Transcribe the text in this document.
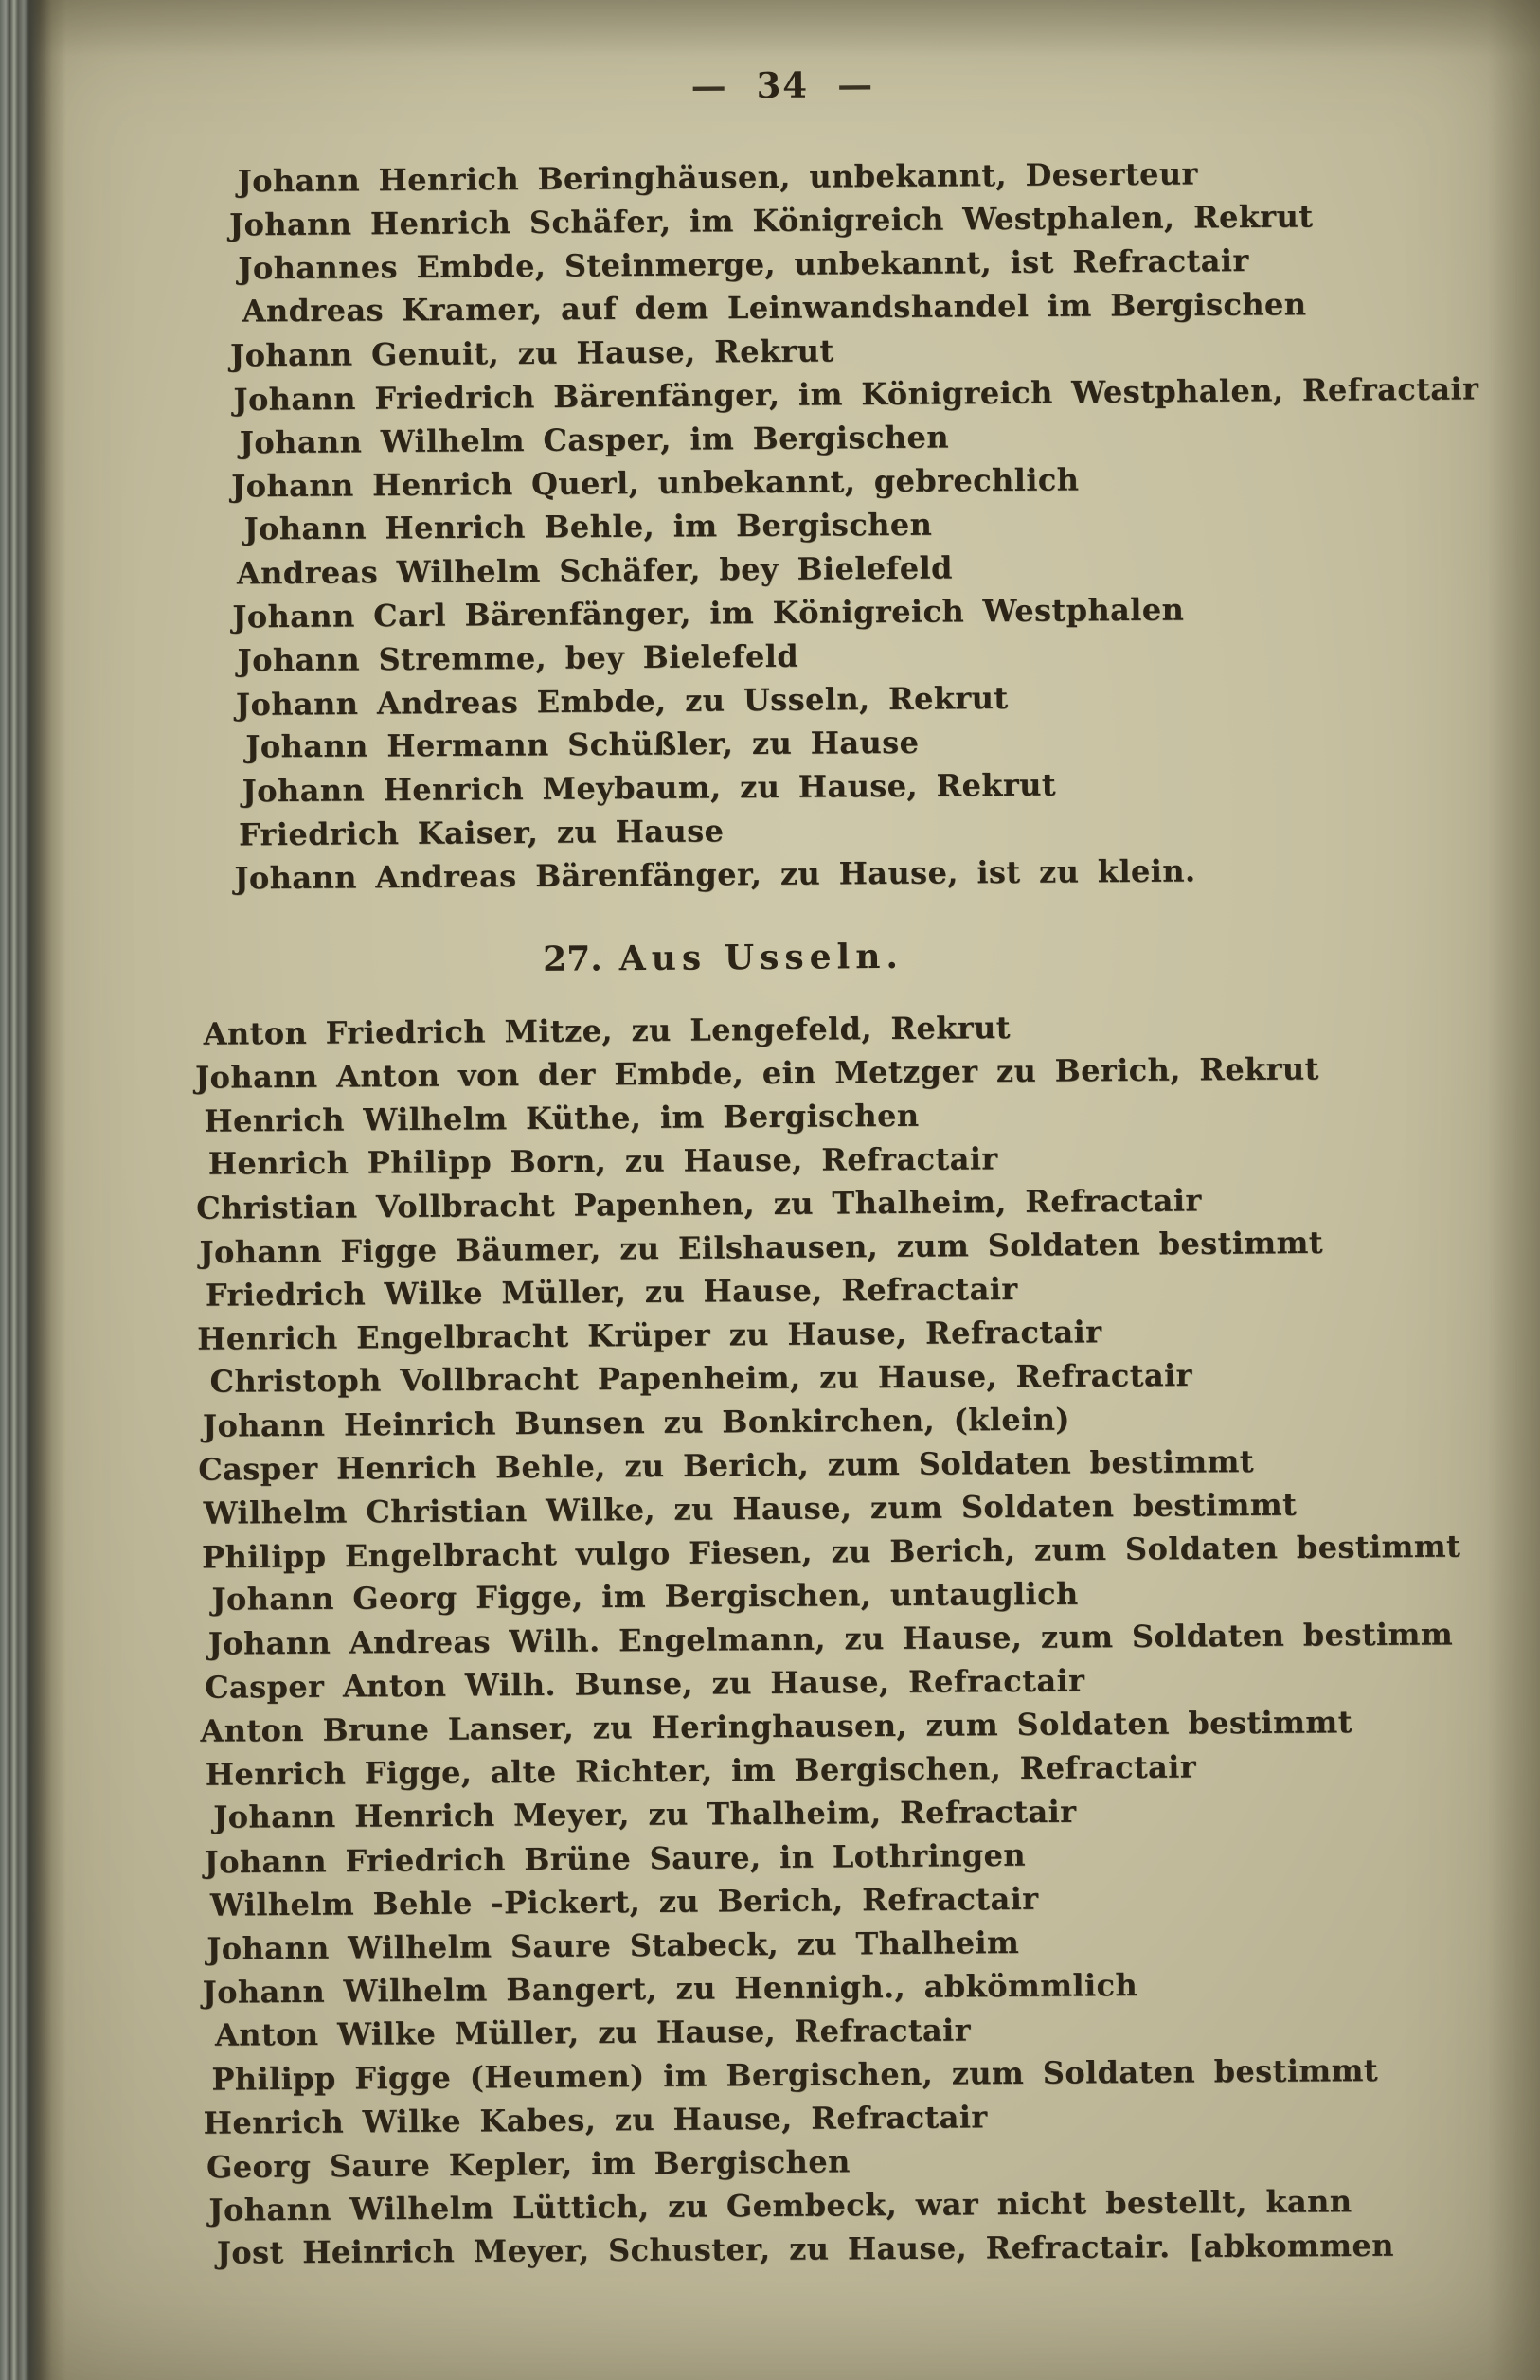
— 34 —
Johann Henrich Beringhäusen, unbekannt, Deserteur
Johann Henrich Schäfer, im Königreich Westphalen, Rekrut
Johannes Embde, Steinmerge, unbekannt, ist Refractair
Andreas Kramer, auf dem Leinwandshandel im Bergischen
Johann Genuit, zu Hause, Rekrut
Johann Friedrich Bärenfänger, im Königreich Westphalen, Refractair
Johann Wilhelm Casper, im Bergischen
Johann Henrich Querl, unbekannt, gebrechlich
Johann Henrich Behle, im Bergischen
Andreas Wilhelm Schäfer, bey Bielefeld
Johann Carl Bärenfänger, im Königreich Westphalen
Johann Stremme, bey Bielefeld
Johann Andreas Embde, zu Usseln, Rekrut
Johann Hermann Schüßler, zu Hause
Johann Henrich Meybaum, zu Hause, Rekrut
Friedrich Kaiser, zu Hause
Johann Andreas Bärenfänger, zu Hause, ist zu klein.
27. Aus Usseln.
Anton Friedrich Mitze, zu Lengefeld, Rekrut
Johann Anton von der Embde, ein Metzger zu Berich, Rekrut
Henrich Wilhelm Küthe, im Bergischen
Henrich Philipp Born, zu Hause, Refractair
Christian Vollbracht Papenhen, zu Thalheim, Refractair
Johann Figge Bäumer, zu Eilshausen, zum Soldaten bestimmt
Friedrich Wilke Müller, zu Hause, Refractair
Henrich Engelbracht Krüper zu Hause, Refractair
Christoph Vollbracht Papenheim, zu Hause, Refractair
Johann Heinrich Bunsen zu Bonkirchen, (klein)
Casper Henrich Behle, zu Berich, zum Soldaten bestimmt
Wilhelm Christian Wilke, zu Hause, zum Soldaten bestimmt
Philipp Engelbracht vulgo Fiesen, zu Berich, zum Soldaten bestimmt
Johann Georg Figge, im Bergischen, untauglich
Johann Andreas Wilh. Engelmann, zu Hause, zum Soldaten bestimm
Casper Anton Wilh. Bunse, zu Hause, Refractair
Anton Brune Lanser, zu Heringhausen, zum Soldaten bestimmt
Henrich Figge, alte Richter, im Bergischen, Refractair
Johann Henrich Meyer, zu Thalheim, Refractair
Johann Friedrich Brüne Saure, in Lothringen
Wilhelm Behle -Pickert, zu Berich, Refractair
Johann Wilhelm Saure Stabeck, zu Thalheim
Johann Wilhelm Bangert, zu Hennigh., abkömmlich
Anton Wilke Müller, zu Hause, Refractair
Philipp Figge (Heumen) im Bergischen, zum Soldaten bestimmt
Henrich Wilke Kabes, zu Hause, Refractair
Georg Saure Kepler, im Bergischen
Johann Wilhelm Lüttich, zu Gembeck, war nicht bestellt, kann
Jost Heinrich Meyer, Schuster, zu Hause, Refractair. [abkommen
